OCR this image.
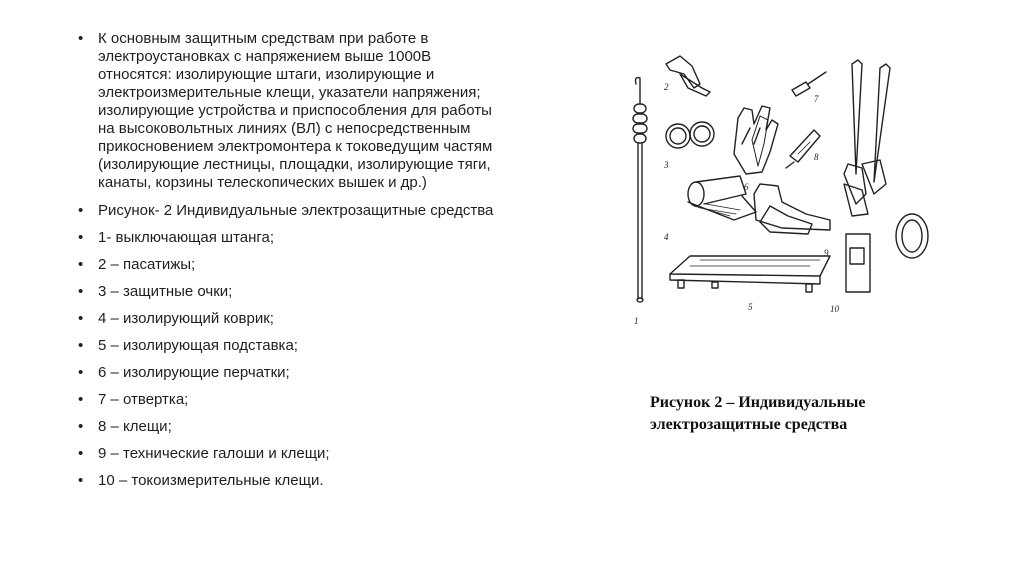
• К основным защитным средствам при работе в
электроустановках с напряжением выше 1000В
относятся: изолирующие штаги, изолирующие и
электроизмерительные клещи, указатели напряжения;
изолирующие устройства и приспособления для работы
на высоковольтных линиях (ВЛ) с непосредственным
прикосновением электромонтера к токоведущим частям
(изолирующие лестницы, площадки, изолирующие тяги,
канаты, корзины телескопических вышек и др.)
• Рисунок- 2 Индивидуальные электрозащитные средства
• 1- выключающая штанга;
• 2 – пасатижы;
• 3 – защитные очки;
• 4 – изолирующий коврик;
• 5 – изолирующая подставка;
• 6 – изолирующие перчатки;
• 7 – отвертка;
• 8 – клещи;
• 9 – технические галоши и клещи;
• 10 – токоизмерительные клещи.
1
2
3
4
5
6
7
8
9
10
Рисунок 2 – Индивидуальные
электрозащитные средства
